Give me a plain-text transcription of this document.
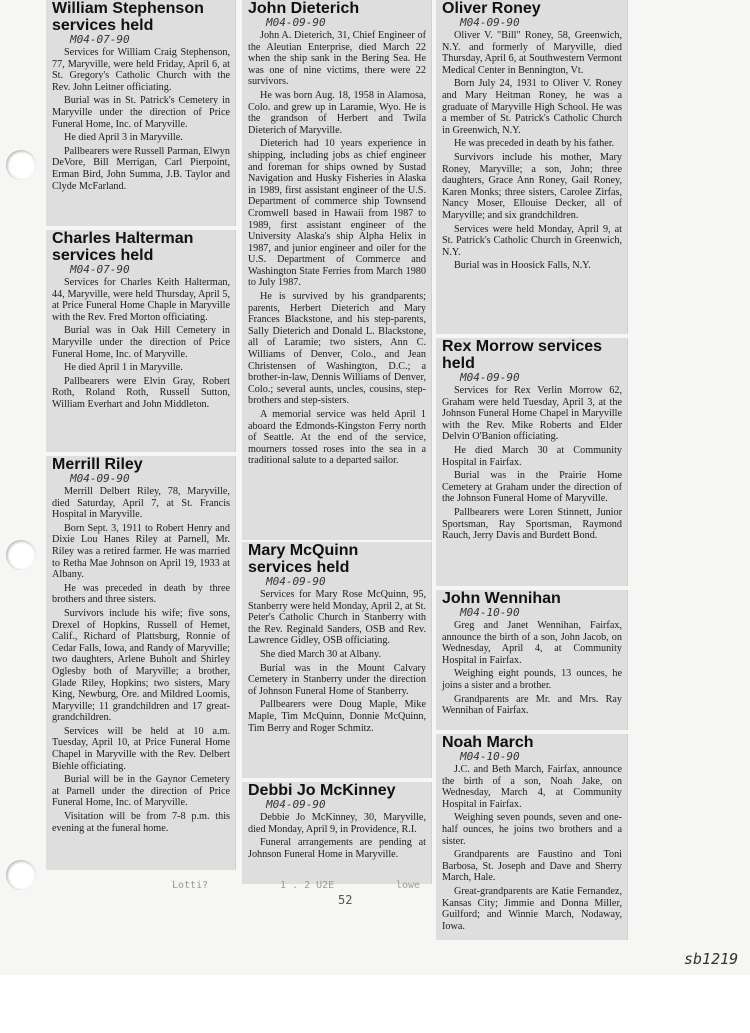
William Stephenson services held
M04-07-90

Services for William Craig Stephenson, 77, Maryville, were held Friday, April 6, at St. Gregory's Catholic Church with the Rev. John Leitner officiating.

Burial was in St. Patrick's Cemetery in Maryville under the direction of Price Funeral Home, Inc. of Maryville.

He died April 3 in Maryville.

Pallbearers were Russell Parman, Elwyn DeVore, Bill Merrigan, Carl Pierpoint, Erman Bird, John Summa, J.B. Taylor and Clyde McFarland.

Charles Halterman services held
M04-07-90

Services for Charles Keith Halterman, 44, Maryville, were held Thursday, April 5, at Price Funeral Home Chaple in Maryville with the Rev. Fred Morton officiating.

Burial was in Oak Hill Cemetery in Maryville under the direction of Price Funeral Home, Inc. of Maryville.

He died April 1 in Maryville.

Pallbearers were Elvin Gray, Robert Roth, Roland Roth, Russell Sutton, William Everhart and John Middleton.

Merrill Riley
M04-09-90

Merrill Delbert Riley, 78, Maryville, died Saturday, April 7, at St. Francis Hospital in Maryville.

Born Sept. 3, 1911 to Robert Henry and Dixie Lou Hanes Riley at Parnell, Mr. Riley was a retired farmer. He was married to Retha Mae Johnson on April 19, 1933 at Albany.

He was preceded in death by three brothers and three sisters.

Survivors include his wife; five sons, Drexel of Hopkins, Russell of Hemet, Calif., Richard of Plattsburg, Ronnie of Cedar Falls, Iowa, and Randy of Maryville; two daughters, Arlene Buholt and Shirley Oglesby both of Maryville; a brother, Glade Riley, Hopkins; two sisters, Mary King, Newburg, Ore. and Mildred Loomis, Maryville; 11 grandchildren and 17 great-grandchildren.

Services will be held at 10 a.m. Tuesday, April 10, at Price Funeral Home Chapel in Maryville with the Rev. Delbert Biehle officiating.

Burial will be in the Gaynor Cemetery at Parnell under the direction of Price Funeral Home, Inc. of Maryville.

Visitation will be from 7-8 p.m. this evening at the funeral home.

John Dieterich
M04-09-90

John A. Dieterich, 31, Chief Engineer of the Aleutian Enterprise, died March 22 when the ship sank in the Bering Sea. He was one of nine victims, there were 22 survivors.

He was born Aug. 18, 1958 in Alamosa, Colo. and grew up in Laramie, Wyo. He is the grandson of Herbert and Twila Dieterich of Maryville.

Dieterich had 10 years experience in shipping, including jobs as chief engineer and foreman for ships owned by Sustad Navigation and Husky Fisheries in Alaska in 1989, first assistant engineer of the U.S. Department of commerce ship Townsend Cromwell based in Hawaii from 1987 to 1989, first assistant engineer of the University Alaska's ship Alpha Helix in 1987, and junior engineer and oiler for the U.S. Department of Commerce and Washington State Ferries from March 1980 to July 1987.

He is survived by his grandparents; parents, Herbert Dieterich and Mary Frances Blackstone, and his step-parents, Sally Dieterich and Donald L. Blackstone, all of Laramie; two sisters, Ann C. Williams of Denver, Colo., and Jean Christensen of Washington, D.C.; a brother-in-law, Dennis Williams of Denver, Colo.; several aunts, uncles, cousins, step-brothers and step-sisters.

A memorial service was held April 1 aboard the Edmonds-Kingston Ferry north of Seattle. At the end of the service, mourners tossed roses into the sea in a traditional salute to a departed sailor.

Mary McQuinn services held
M04-09-90

Services for Mary Rose McQuinn, 95, Stanberry were held Monday, April 2, at St. Peter's Catholic Church in Stanberry with the Rev. Reginald Sanders, OSB and Rev. Lawrence Gidley, OSB officiating.

She died March 30 at Albany.

Burial was in the Mount Calvary Cemetery in Stanberry under the direction of Johnson Funeral Home of Stanberry.

Pallbearers were Doug Maple, Mike Maple, Tim McQuinn, Donnie McQuinn, Tim Berry and Roger Schmitz.

Debbi Jo McKinney
M04-09-90

Debbie Jo McKinney, 30, Maryville, died Monday, April 9, in Providence, R.I.

Funeral arrangements are pending at Johnson Funeral Home in Maryville.

Oliver Roney
M04-09-90

Oliver V. "Bill" Roney, 58, Greenwich, N.Y. and formerly of Maryville, died Thursday, April 6, at Southwestern Vermont Medical Center in Bennington, Vt.

Born July 24, 1931 to Oliver V. Roney and Mary Heitman Roney, he was a graduate of Maryville High School. He was a member of St. Patrick's Catholic Church in Greenwich, N.Y.

He was preceded in death by his father.

Survivors include his mother, Mary Roney, Maryville; a son, John; three daughters, Grace Ann Roney, Gail Roney, Karen Monks; three sisters, Carolee Zirfas, Nancy Moser, Ellouise Decker, all of Maryville; and six grandchildren.

Services were held Monday, April 9, at St. Patrick's Catholic Church in Greenwich, N.Y.

Burial was in Hoosick Falls, N.Y.

Rex Morrow services held
M04-09-90

Services for Rex Verlin Morrow 62, Graham were held Tuesday, April 3, at the Johnson Funeral Home Chapel in Maryville with the Rev. Mike Roberts and Elder Delvin O'Banion officiating.

He died March 30 at Community Hospital in Fairfax.

Burial was in the Prairie Home Cemetery at Graham under the direction of the Johnson Funeral Home of Maryville.

Pallbearers were Loren Stinnett, Junior Sportsman, Ray Sportsman, Raymond Rauch, Jerry Davis and Burdett Bond.

John Wennihan
M04-10-90

Greg and Janet Wennihan, Fairfax, announce the birth of a son, John Jacob, on Wednesday, April 4, at Community Hospital in Fairfax.

Weighing eight pounds, 13 ounces, he joins a sister and a brother.

Grandparents are Mr. and Mrs. Ray Wennihan of Fairfax.

Noah March
M04-10-90

J.C. and Beth March, Fairfax, announce the birth of a son, Noah Jake, on Wednesday, March 4, at Community Hospital in Fairfax.

Weighing seven pounds, seven and one-half ounces, he joins two brothers and a sister.

Grandparents are Faustino and Toni Barbosa, St. Joseph and Dave and Sherry March, Hale.

Great-grandparents are Katie Fernandez, Kansas City; Jimmie and Donna Miller, Guilford; and Winnie March, Nodaway, Iowa.

Lotti?	1 . 2 U2E	lowe
52
sb1219
